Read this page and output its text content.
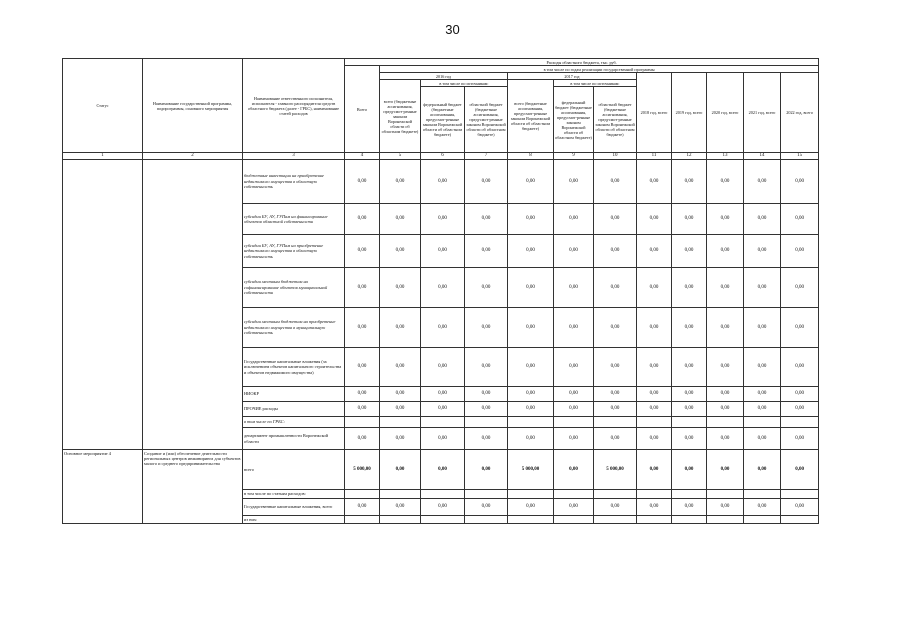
30
Статус	Наименование государственной программы, подпрограммы, основного мероприятия	Наименование ответственного исполнителя, исполнителя - главного распорядителя средств областного бюджета (далее - ГРБС), наименование статей расходов	Расходы областного бюджета, тыс. руб.											
			Всего	в том числе по годам реализации государственной программы										
				2016 год			2017 год			2018 год, всего	2019 год, всего	2020 год, всего	2021 год, всего	2022 год, всего
				всего (бюджетные ассигнования, предусмот-ренные законом Воронежской области об областном бюджете)	в том числе по источникам:		всего (бюджетные ассигнования, предусмот-ренные законом Воронежской области об областном бюджете)	в том числе по источникам:						
					федеральный бюджет (бюджетные ассигнования, предусмот-ренные законом Воронежской области об областном бюджете)	областной бюджет (бюджетные ассигнования, предусмот-ренные законом Воронежской области об областном бюджете)		федеральный бюджет (бюджетные ассигнования, предусмот-ренные законом Воронежской области об областном бюджете)	областной бюджет (бюджетные ассигнования, предусмот-ренные законом Воронежской области об областном бюджете)					
1	2	3	4	5	6	7	8	9	10	11	12	13	14	15
		бюджетные инвестиции на приобретение недвижимого имущества в областную собственность	0,00	0,00	0,00	0,00	0,00	0,00	0,00	0,00	0,00	0,00	0,00	0,00
		субсидии БУ, АУ, ГУПам на финансирование объектов областной собственности	0,00	0,00	0,00	0,00	0,00	0,00	0,00	0,00	0,00	0,00	0,00	0,00
		субсидии БУ, АУ, ГУПам на приобретение недвижимого имущества в областную собственность	0,00	0,00	0,00	0,00	0,00	0,00	0,00	0,00	0,00	0,00	0,00	0,00
		субсидии местным бюджетам на софинансирование объектов муниципальной собственности	0,00	0,00	0,00	0,00	0,00	0,00	0,00	0,00	0,00	0,00	0,00	0,00
		субсидии местным бюджетам на приобретение недвижимого имущества в муниципальную собственность	0,00	0,00	0,00	0,00	0,00	0,00	0,00	0,00	0,00	0,00	0,00	0,00
		Государственные капитальные вложения (за исключением объектов капитального строительства и объектов недвижимого имущества)	0,00	0,00	0,00	0,00	0,00	0,00	0,00	0,00	0,00	0,00	0,00	0,00
		НИОКР	0,00	0,00	0,00	0,00	0,00	0,00	0,00	0,00	0,00	0,00	0,00	0,00
		ПРОЧИЕ расходы	0,00	0,00	0,00	0,00	0,00	0,00	0,00	0,00	0,00	0,00	0,00	0,00
		в том числе по ГРБС:												
		департамент промышленности Воронежской области	0,00	0,00	0,00	0,00	0,00	0,00	0,00	0,00	0,00	0,00	0,00	0,00
Основное мероприятие 4	Создание и (или) обеспечение деятельности региональных центров инжиниринга для субъектов малого и среднего предпринимательства	всего	5 000,00	0,00	0,00	0,00	5 000,00	0,00	5 000,00	0,00	0,00	0,00	0,00	0,00
		в том числе по статьям расходов:												
		Государственные капитальные вложения, всего	0,00	0,00	0,00	0,00	0,00	0,00	0,00	0,00	0,00	0,00	0,00	0,00
		из них:												
